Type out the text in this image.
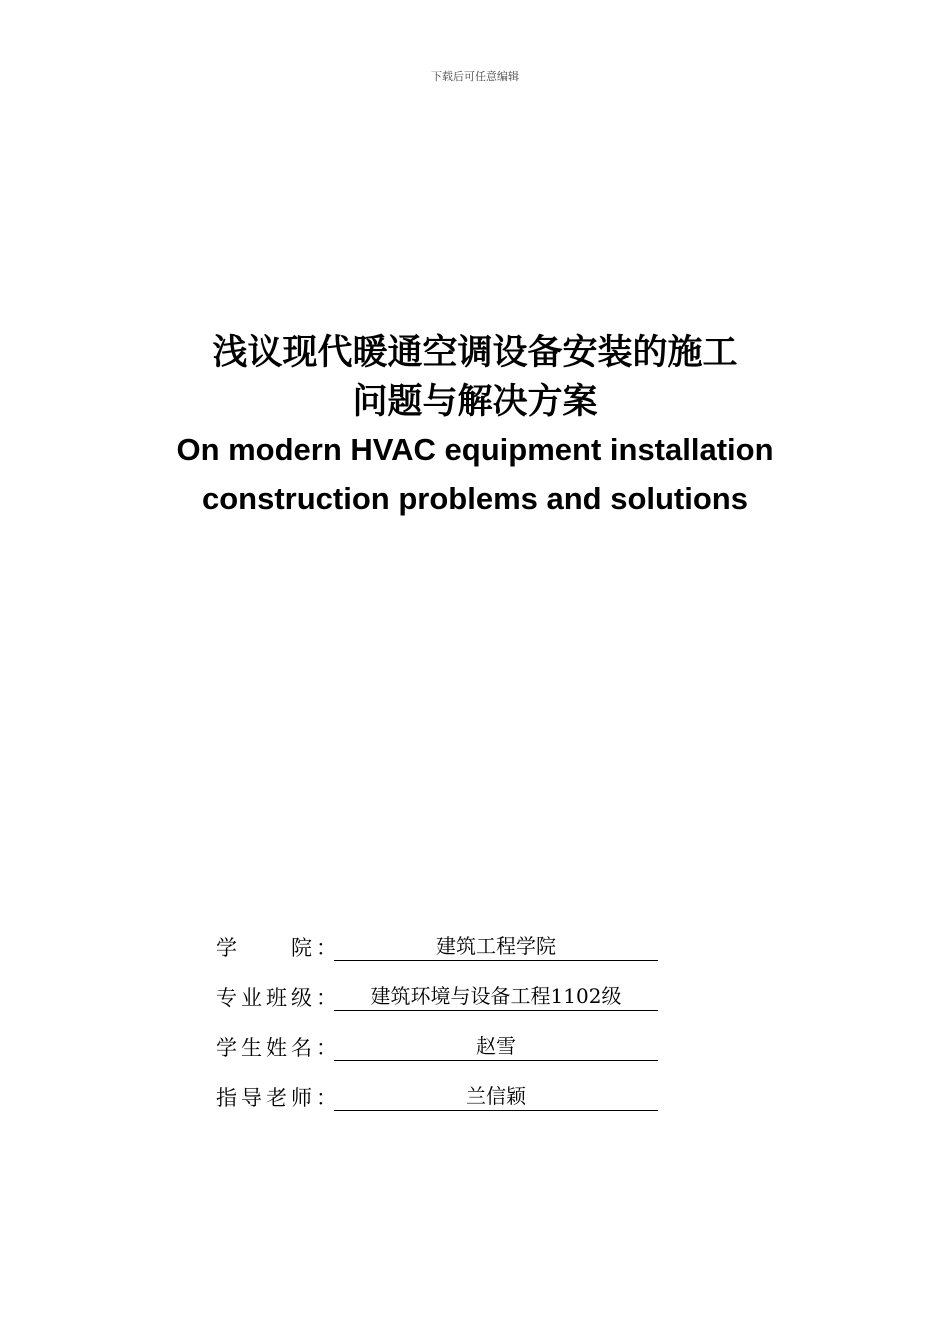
下载后可任意编辑
浅议现代暖通空调设备安装的施工
问题与解决方案
On modern HVAC equipment installation
construction problems and solutions
学　　院：	建筑工程学院
专业班级：	建筑环境与设备工程1102级
学生姓名：	赵雪
指导老师：	兰信颖
